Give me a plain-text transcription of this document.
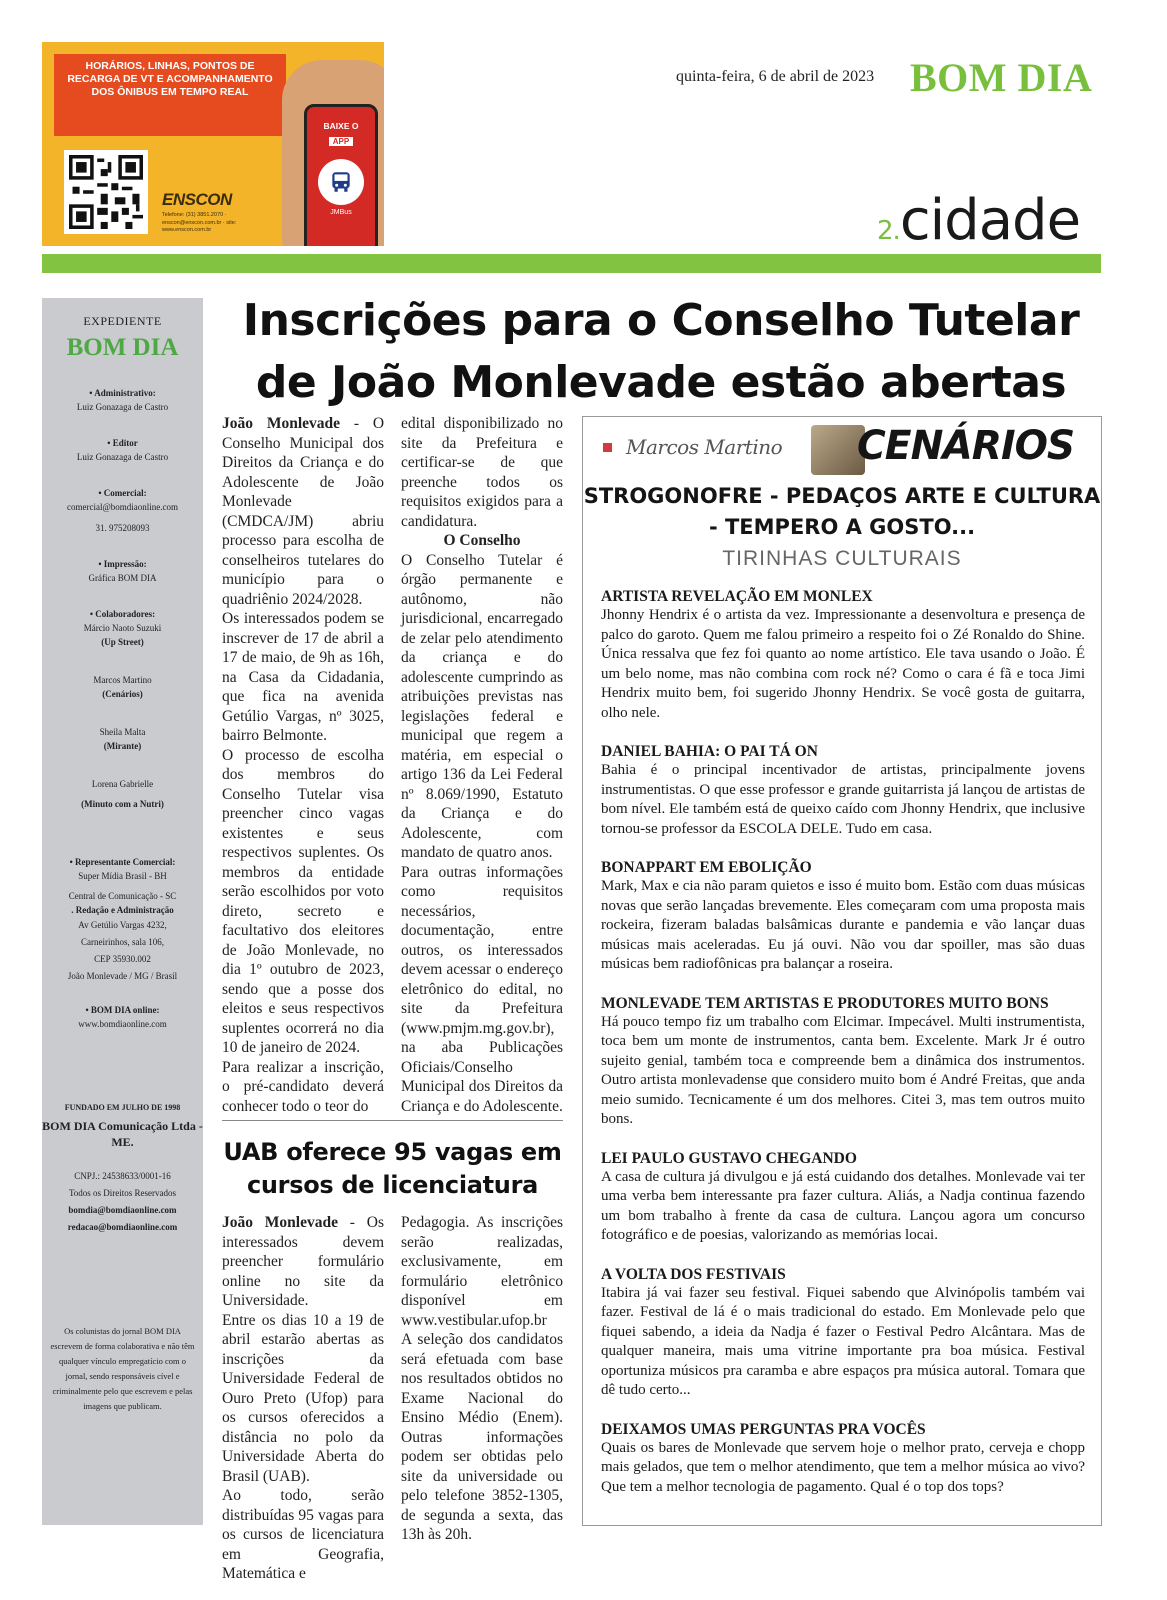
HORÁRIOS, LINHAS, PONTOS DE RECARGA DE VT E ACOMPANHAMENTO DOS ÔNIBUS EM TEMPO REAL
ENSCON
Telefone: (31) 3851.2070 · enscon@enscon.com.br · site: www.enscon.com.br
BAIXE O
APP
JMBus
quinta-feira, 6 de abril de 2023 BOM DIA
2.cidade
EXPEDIENTE
BOM DIA
• Administrativo:
Luiz Gonazaga de Castro
• Editor
Luiz Gonazaga de Castro
• Comercial:
comercial@bomdiaonline.com
31. 975208093
• Impressão:
Gráfica BOM DIA
• Colaboradores:
Márcio Naoto Suzuki
(Up Street)
Marcos Martino
(Cenários)
Sheila Malta
(Mirante)
Lorena Gabrielle
(Minuto com a Nutri)
• Representante Comercial:
Super Mídia Brasil - BH
Central de Comunicação - SC
. Redação e Administração
Av Getúlio Vargas 4232,
Carneirinhos, sala 106,
CEP 35930.002
João Monlevade / MG / Brasil
• BOM DIA online:
www.bomdiaonline.com
FUNDADO EM JULHO DE 1998
BOM DIA Comunicação Ltda - ME.
CNPJ.: 24538633/0001-16
Todos os Direitos Reservados
bomdia@bomdiaonline.com
redacao@bomdiaonline.com
Os colunistas do jornal BOM DIA escrevem de forma colaborativa e não têm qualquer vínculo empregatício com o jornal, sendo responsáveis cível e criminalmente pelo que escrevem e pelas imagens que publicam.
Inscrições para o Conselho Tutelar de João Monlevade estão abertas

João Monlevade - O Conselho Municipal dos Direitos da Criança e do Adolescente de João Monlevade (CMDCA/JM) abriu processo para escolha de conselheiros tutelares do município para o quadriênio 2024/2028.

Os interessados podem se inscrever de 17 de abril a 17 de maio, de 9h as 16h, na Casa da Cidadania, que fica na avenida Getúlio Vargas, nº 3025, bairro Belmonte.

O processo de escolha dos membros do Conselho Tutelar visa preencher cinco vagas existentes e seus respectivos suplentes. Os membros da entidade serão escolhidos por voto direto, secreto e facultativo dos eleitores de João Monlevade, no dia 1º outubro de 2023, sendo que a posse dos eleitos e seus respectivos suplentes ocorrerá no dia 10 de janeiro de 2024.

Para realizar a inscrição, o pré-candidato deverá conhecer todo o teor do

edital disponibilizado no site da Prefeitura e certificar-se de que preenche todos os requisitos exigidos para a candidatura.

O Conselho

O Conselho Tutelar é órgão permanente e autônomo, não jurisdicional, encarregado de zelar pelo atendimento da criança e do adolescente cumprindo as atribuições previstas nas legislações federal e municipal que regem a matéria, em especial o artigo 136 da Lei Federal nº 8.069/1990, Estatuto da Criança e do Adolescente, com mandato de quatro anos.

Para outras informações como requisitos necessários, documentação, entre outros, os interessados devem acessar o endereço eletrônico do edital, no site da Prefeitura (www.pmjm.mg.gov.br), na aba Publicações Oficiais/Conselho Municipal dos Direitos da Criança e do Adolescente.

UAB oferece 95 vagas em cursos de licenciatura

João Monlevade - Os interessados devem preencher formulário online no site da Universidade.

Entre os dias 10 a 19 de abril estarão abertas as inscrições da Universidade Federal de Ouro Preto (Ufop) para os cursos oferecidos a distância no polo da Universidade Aberta do Brasil (UAB).

Ao todo, serão distribuídas 95 vagas para os cursos de licenciatura em Geografia, Matemática e

Pedagogia. As inscrições serão realizadas, exclusivamente, em formulário eletrônico disponível em www.vestibular.ufop.br

A seleção dos candidatos será efetuada com base nos resultados obtidos no Exame Nacional do Ensino Médio (Enem). Outras informações podem ser obtidas pelo site da universidade ou pelo telefone 3852-1305, de segunda a sexta, das 13h às 20h.

Marcos Martino CENÁRIOS
STROGONOFRE - PEDAÇOS ARTE E CULTURA - TEMPERO A GOSTO...
TIRINHAS CULTURAIS
ARTISTA REVELAÇÃO EM MONLEX

Jhonny Hendrix é o artista da vez. Impressionante a desenvoltura e presença de palco do garoto. Quem me falou primeiro a respeito foi o Zé Ronaldo do Shine. Única ressalva que fez foi quanto ao nome artístico. Ele tava usando o João. É um belo nome, mas não combina com rock né? Como o cara é fã e toca Jimi Hendrix muito bem, foi sugerido Jhonny Hendrix. Se você gosta de guitarra, olho nele.

DANIEL BAHIA: O PAI TÁ ON

Bahia é o principal incentivador de artistas, principalmente jovens instrumentistas. O que esse professor e grande guitarrista já lançou de artistas de bom nível. Ele também está de queixo caído com Jhonny Hendrix, que inclusive tornou-se professor da ESCOLA DELE. Tudo em casa.

BONAPPART EM EBOLIÇÃO

Mark, Max e cia não param quietos e isso é muito bom. Estão com duas músicas novas que serão lançadas brevemente. Eles começaram com uma proposta mais rockeira, fizeram baladas balsâmicas durante e pandemia e vão lançar duas músicas mais aceleradas. Eu já ouvi. Não vou dar spoiller, mas são duas músicas bem radiofônicas pra balançar a roseira.

MONLEVADE TEM ARTISTAS E PRODUTORES MUITO BONS

Há pouco tempo fiz um trabalho com Elcimar. Impecável. Multi instrumentista, toca bem um monte de instrumentos, canta bem. Excelente. Mark Jr é outro sujeito genial, também toca e compreende bem a dinâmica dos instrumentos. Outro artista monlevadense que considero muito bom é André Freitas, que anda meio sumido. Tecnicamente é um dos melhores. Citei 3, mas tem outros muito bons.

LEI PAULO GUSTAVO CHEGANDO

A casa de cultura já divulgou e já está cuidando dos detalhes. Monlevade vai ter uma verba bem interessante pra fazer cultura. Aliás, a Nadja continua fazendo um bom trabalho à frente da casa de cultura. Lançou agora um concurso fotográfico e de poesias, valorizando as memórias locai.

A VOLTA DOS FESTIVAIS

Itabira já vai fazer seu festival. Fiquei sabendo que Alvinópolis também vai fazer. Festival de lá é o mais tradicional do estado. Em Monlevade pelo que fiquei sabendo, a ideia da Nadja é fazer o Festival Pedro Alcântara. Mas de qualquer maneira, mais uma vitrine importante pra boa música. Festival oportuniza músicos pra caramba e abre espaços pra música autoral. Tomara que dê tudo certo...

DEIXAMOS UMAS PERGUNTAS PRA VOCÊS

Quais os bares de Monlevade que servem hoje o melhor prato, cerveja e chopp mais gelados, que tem o melhor atendimento, que tem a melhor música ao vivo? Que tem a melhor tecnologia de pagamento. Qual é o top dos tops?
